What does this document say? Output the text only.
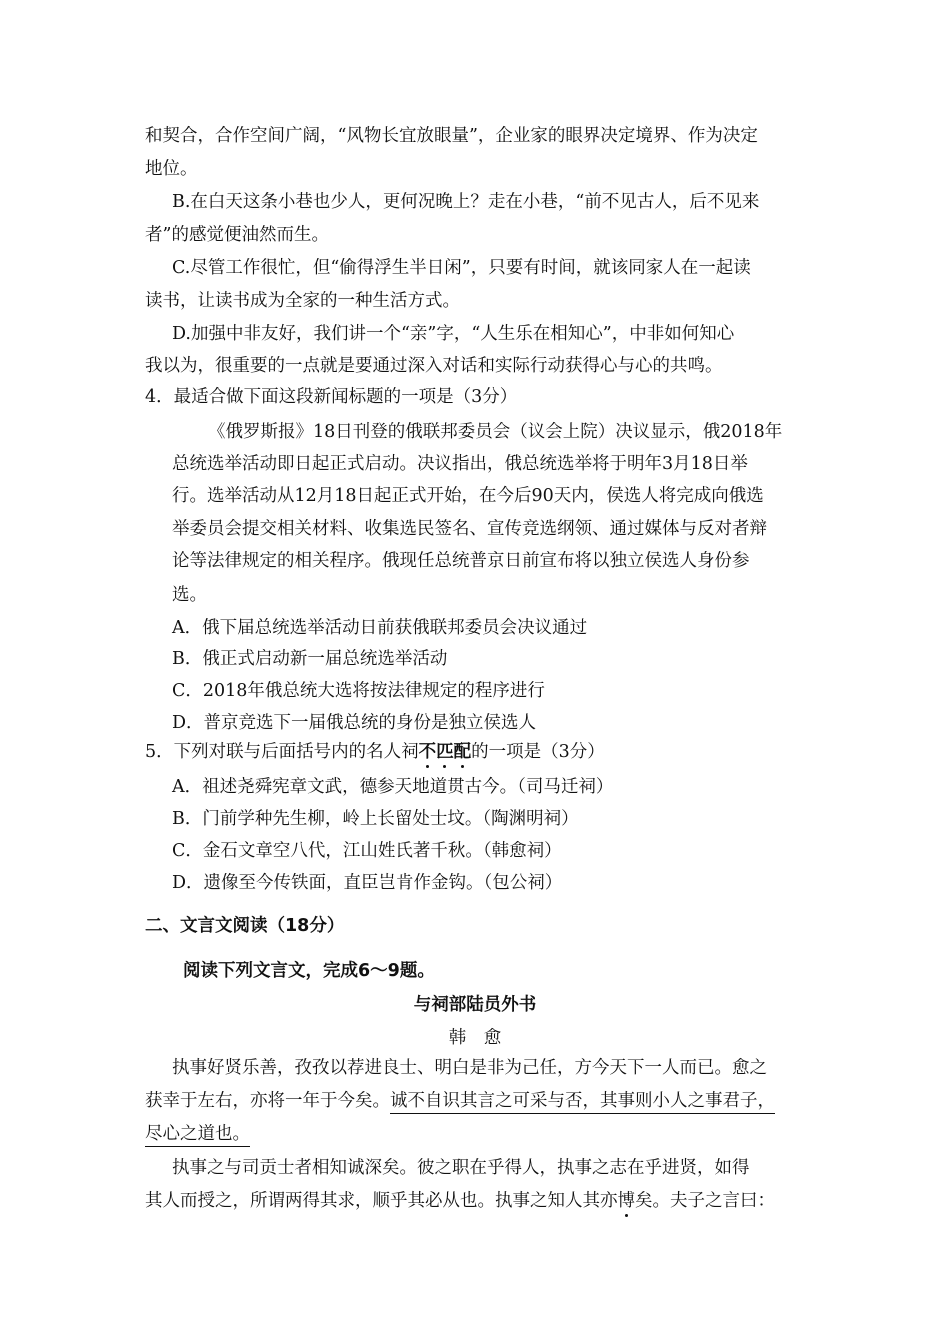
和契合，合作空间广阔，“风物长宜放眼量”，企业家的眼界决定境界、作为决定
地位。
B.在白天这条小巷也少人，更何况晚上？走在小巷，“前不见古人，后不见来
者”的感觉便油然而生。
C.尽管工作很忙，但“偷得浮生半日闲”，只要有时间，就该同家人在一起读
读书，让读书成为全家的一种生活方式。
D.加强中非友好，我们讲一个“亲”字，“人生乐在相知心”，中非如何知心
我以为，很重要的一点就是要通过深入对话和实际行动获得心与心的共鸣。
4．最适合做下面这段新闻标题的一项是（3分）
《俄罗斯报》18日刊登的俄联邦委员会（议会上院）决议显示，俄2018年
总统选举活动即日起正式启动。决议指出，俄总统选举将于明年3月18日举
行。选举活动从12月18日起正式开始，在今后90天内，侯选人将完成向俄选
举委员会提交相关材料、收集选民签名、宣传竞选纲领、通过媒体与反对者辩
论等法律规定的相关程序。俄现任总统普京日前宣布将以独立侯选人身份参
选。
A．俄下届总统选举活动日前获俄联邦委员会决议通过
B．俄正式启动新一届总统选举活动
C．2018年俄总统大选将按法律规定的程序进行
D．普京竞选下一届俄总统的身份是独立侯选人
5．下列对联与后面括号内的名人祠不匹配的一项是（3分）
A．祖述尧舜宪章文武，德参天地道贯古今。（司马迁祠）
B．门前学种先生柳，岭上长留处士坟。（陶渊明祠）
C．金石文章空八代，江山姓氏著千秋。（韩愈祠）
D．遗像至今传铁面，直臣岂肯作金钩。（包公祠）
二、文言文阅读（18分）
阅读下列文言文，完成6～9题。
与祠部陆员外书
韩　愈
执事好贤乐善，孜孜以荐进良士、明白是非为己任，方今天下一人而已。愈之
获幸于左右，亦将一年于今矣。诚不自识其言之可采与否，其事则小人之事君子，
尽心之道也。
执事之与司贡士者相知诚深矣。彼之职在乎得人，执事之志在乎进贤，如得
其人而授之，所谓两得其求，顺乎其必从也。执事之知人其亦博矣。夫子之言曰：
